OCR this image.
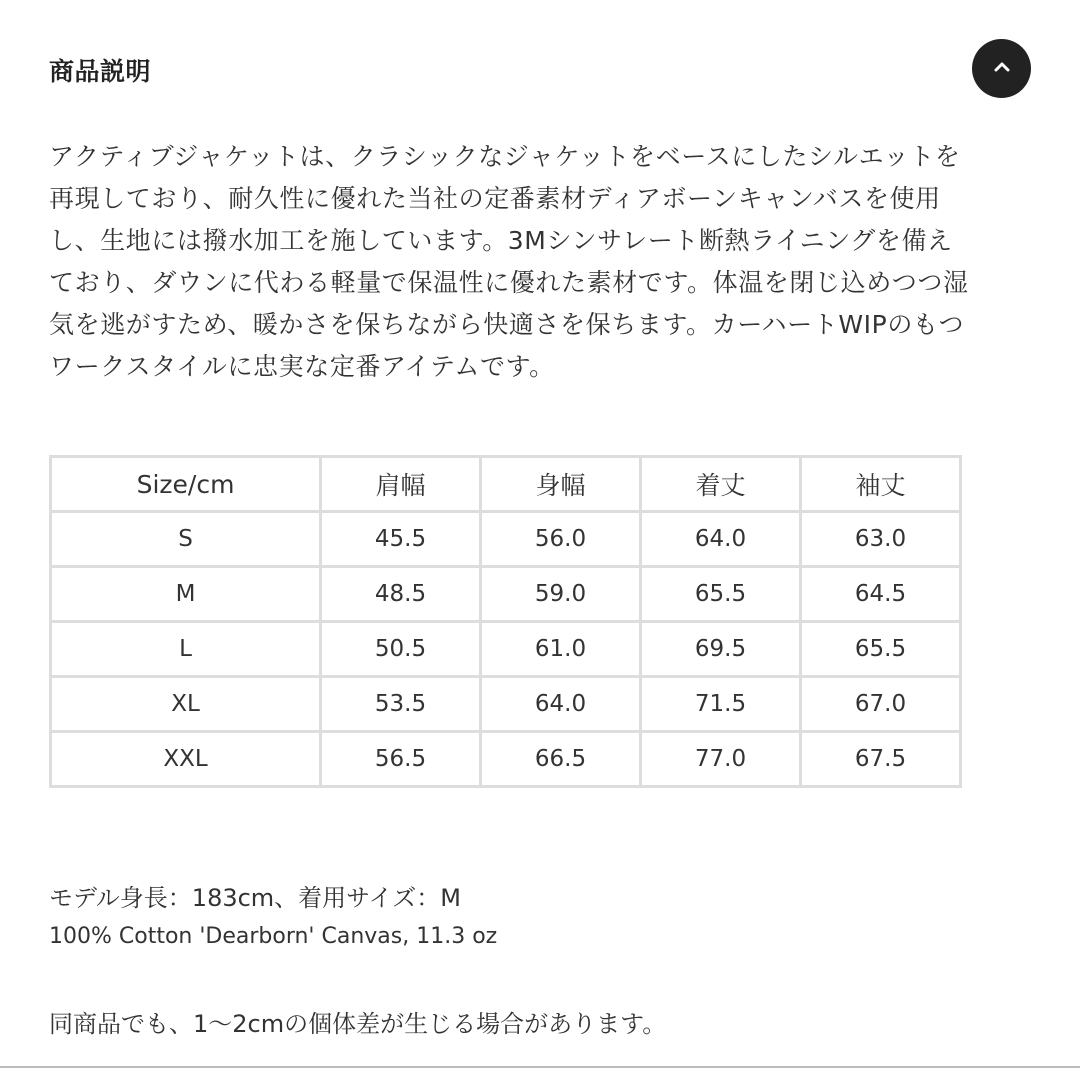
商品説明

アクティブジャケットは、クラシックなジャケットをベースにしたシルエットを再現しており、耐久性に優れた当社の定番素材ディアボーンキャンバスを使用し、生地には撥水加工を施しています。3Mシンサレート断熱ライニングを備えており、ダウンに代わる軽量で保温性に優れた素材です。体温を閉じ込めつつ湿気を逃がすため、暖かさを保ちながら快適さを保ちます。カーハートWIPのもつワークスタイルに忠実な定番アイテムです。

Size/cm	肩幅	身幅	着丈	袖丈
S	45.5	56.0	64.0	63.0
M	48.5	59.0	65.5	64.5
L	50.5	61.0	69.5	65.5
XL	53.5	64.0	71.5	67.0
XXL	56.5	66.5	77.0	67.5

モデル身長：183cm、着用サイズ：M

100% Cotton 'Dearborn' Canvas, 11.3 oz

同商品でも、1〜2cmの個体差が生じる場合があります。
